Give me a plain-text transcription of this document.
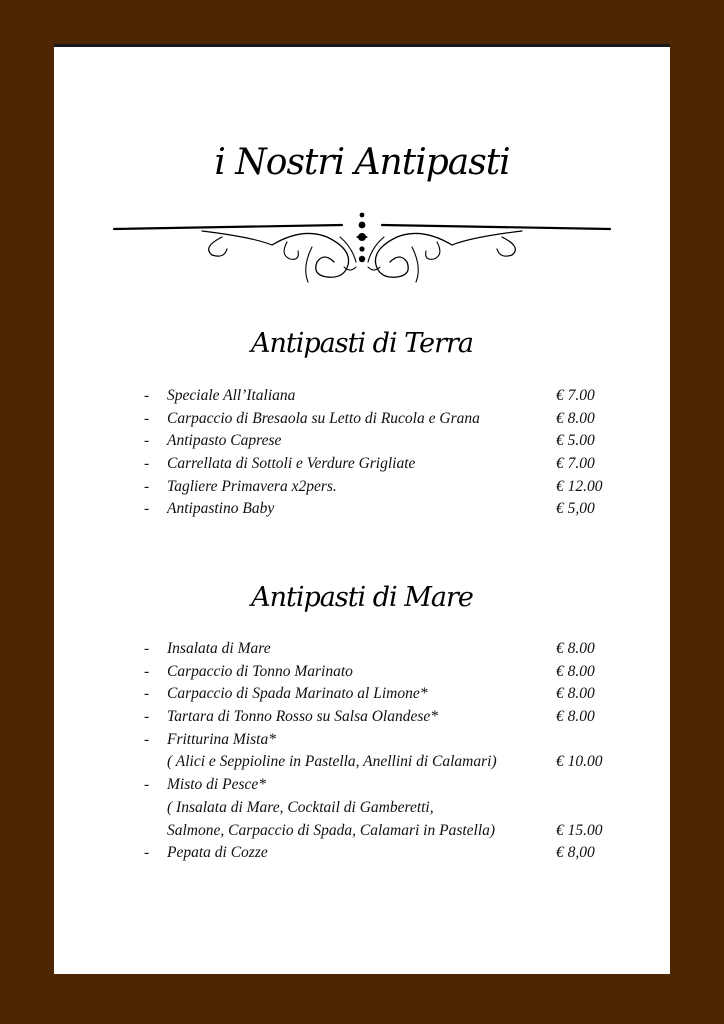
i Nostri Antipasti
Antipasti di Terra
-	Speciale All’Italiana	€ 7.00
-	Carpaccio di Bresaola su Letto di Rucola e Grana	€ 8.00
-	Antipasto Caprese	€ 5.00
-	Carrellata di Sottoli e Verdure Grigliate	€ 7.00
-	Tagliere Primavera x2pers.	€ 12.00
-	Antipastino Baby	€ 5,00
Antipasti di Mare
-	Insalata di Mare	€ 8.00
-	Carpaccio di Tonno Marinato	€ 8.00
-	Carpaccio di Spada Marinato al Limone*	€ 8.00
-	Tartara di Tonno Rosso su Salsa Olandese*	€ 8.00
-	Fritturina Mista*
( Alici e Seppioline in Pastella, Anellini di Calamari)	€ 10.00
-	Misto di Pesce*
( Insalata di Mare, Cocktail di Gamberetti,
Salmone, Carpaccio di Spada, Calamari in Pastella)	€ 15.00
-	Pepata di Cozze	€ 8,00
